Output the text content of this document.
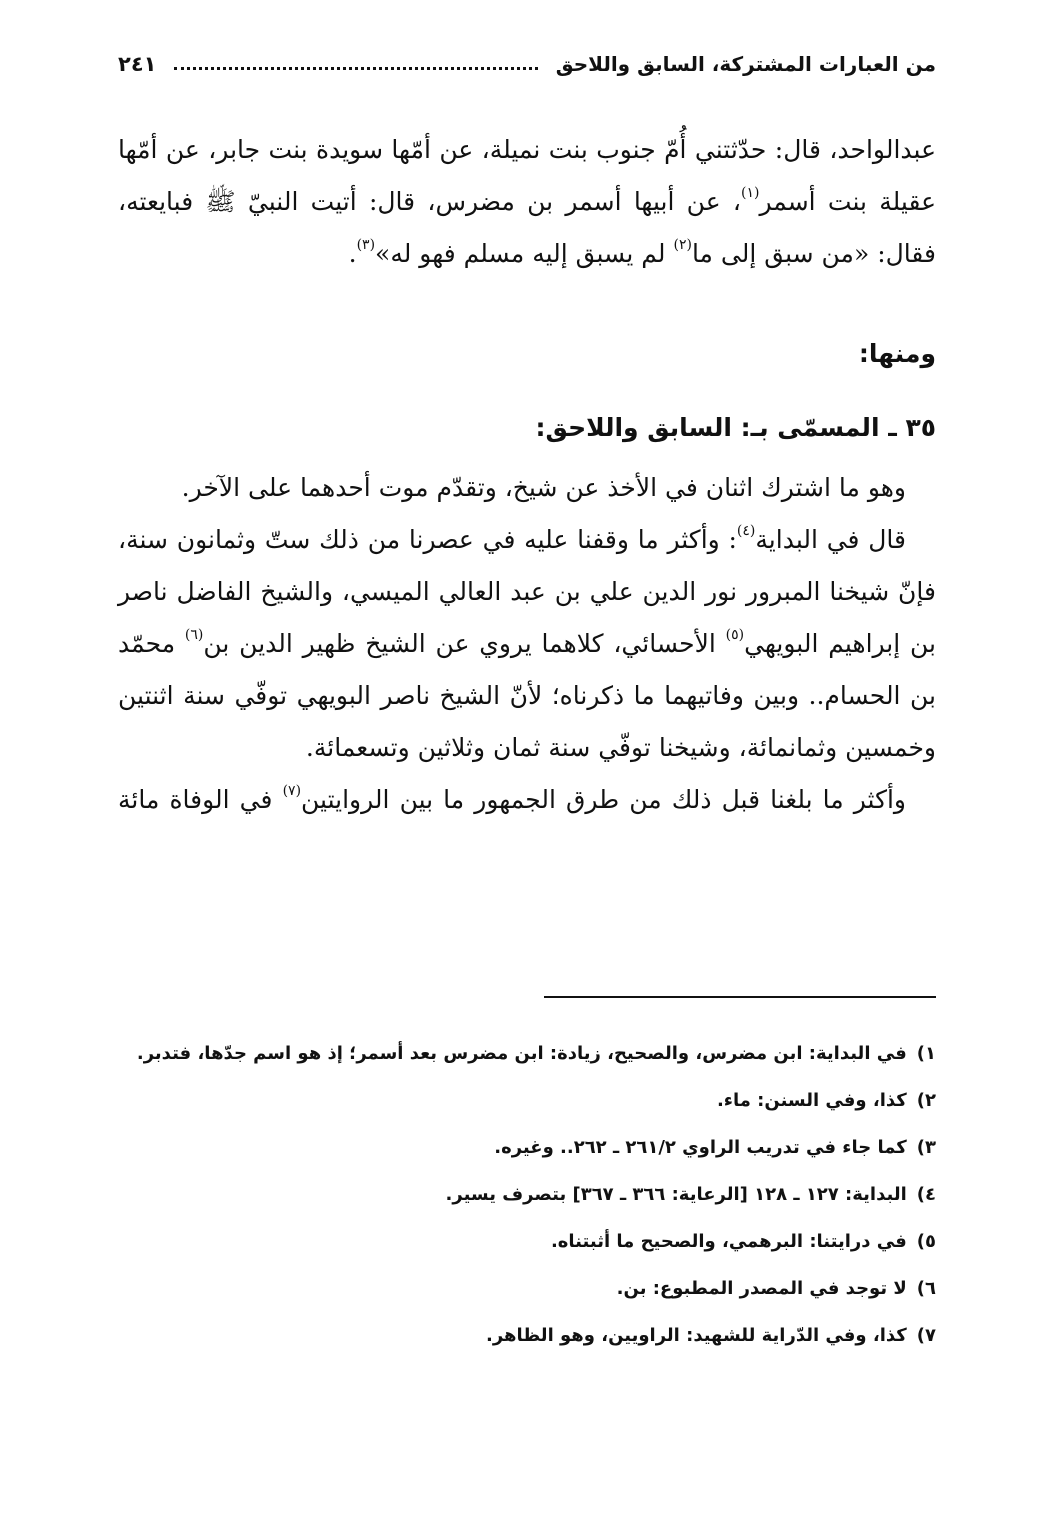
من العبارات المشتركة، السابق واللاحق
٢٤١

عبدالواحد، قال: حدّثتني أُمّ جنوب بنت نميلة، عن أمّها سويدة بنت جابر، عن أمّها عقيلة بنت أسمر$^{(١)}$، عن أبيها أسمر بن مضرس، قال: أتيت النبيّ ﷺ فبايعته، فقال: «من سبق إلى ما$^{(٢)}$ لم يسبق إليه مسلم فهو له»$^{(٣)}$.

ومنها:
٣٥ ـ المسمّى بـ: السابق واللاحق:

وهو ما اشترك اثنان في الأخذ عن شيخ، وتقدّم موت أحدهما على الآخر.

قال في البداية$^{(٤)}$: وأكثر ما وقفنا عليه في عصرنا من ذلك ستّ وثمانون سنة، فإنّ شيخنا المبرور نور الدين علي بن عبد العالي الميسي، والشيخ الفاضل ناصر بن إبراهيم البويهي$^{(٥)}$ الأحسائي، كلاهما يروي عن الشيخ ظهير الدين بن$^{(٦)}$ محمّد بن الحسام.. وبين وفاتيهما ما ذكرناه؛ لأنّ الشيخ ناصر البويهي توفّي سنة اثنتين وخمسين وثمانمائة، وشيخنا توفّي سنة ثمان وثلاثين وتسعمائة.

وأكثر ما بلغنا قبل ذلك من طرق الجمهور ما بين الروايتين$^{(٧)}$ في الوفاة مائة

١)في البداية: ابن مضرس، والصحيح، زيادة: ابن مضرس بعد أسمر؛ إذ هو اسم جدّها، فتدبر.
٢)كذا، وفي السنن: ماء.
٣)كما جاء في تدريب الراوي ٢٦١/٢ ـ ٢٦٢.. وغيره.
٤)البداية: ١٢٧ ـ ١٢٨ [الرعاية: ٣٦٦ ـ ٣٦٧] بتصرف يسير.
٥)في درايتنا: البرهمي، والصحيح ما أثبتناه.
٦)لا توجد في المصدر المطبوع: بن.
٧)كذا، وفي الدّراية للشهيد: الراويين، وهو الظاهر.
